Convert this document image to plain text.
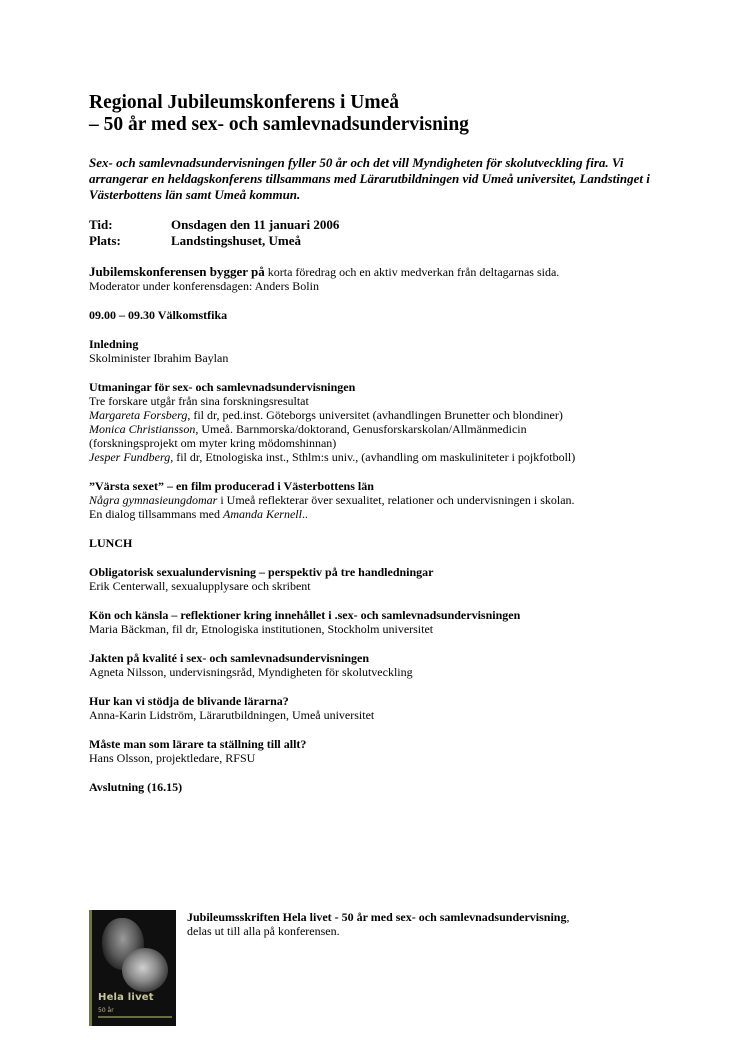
Regional Jubileumskonferens i Umeå
– 50 år med sex- och samlevnadsundervisning
Sex- och samlevnadsundervisningen fyller 50 år och det vill Myndigheten för skolutveckling fira. Vi arrangerar en heldagskonferens tillsammans med Lärarutbildningen vid Umeå universitet, Landstinget i Västerbottens län samt Umeå kommun.
Tid:	Onsdagen den 11 januari 2006
Plats:	Landstingshuset, Umeå
Jubilemskonferensen bygger på korta föredrag och en aktiv medverkan från deltagarnas sida.
Moderator under konferensdagen: Anders Bolin
09.00 – 09.30 Välkomstfika
Inledning
Skolminister Ibrahim Baylan
Utmaningar för sex- och samlevnadsundervisningen
Tre forskare utgår från sina forskningsresultat
Margareta Forsberg, fil dr, ped.inst. Göteborgs universitet (avhandlingen Brunetter och blondiner)
Monica Christiansson, Umeå. Barnmorska/doktorand, Genusforskarskolan/Allmänmedicin
(forskningsprojekt om myter kring mödomshinnan)
Jesper Fundberg, fil dr, Etnologiska inst., Sthlm:s univ., (avhandling om maskuliniteter i pojkfotboll)
”Värsta sexet” – en film producerad i Västerbottens län
Några gymnasieungdomar i Umeå reflekterar över sexualitet, relationer och undervisningen i skolan.
En dialog tillsammans med Amanda Kernell..
LUNCH
Obligatorisk sexualundervisning – perspektiv på tre handledningar
Erik Centerwall, sexualupplysare och skribent
Kön och känsla – reflektioner kring innehållet i .sex- och samlevnadsundervisningen
Maria Bäckman, fil dr, Etnologiska institutionen, Stockholm universitet
Jakten på kvalité i sex- och samlevnadsundervisningen
Agneta Nilsson, undervisningsråd, Myndigheten för skolutveckling
Hur kan vi stödja de blivande lärarna?
Anna-Karin Lidström, Lärarutbildningen, Umeå universitet
Måste man som lärare ta ställning till allt?
Hans Olsson, projektledare, RFSU
Avslutning (16.15)
Hela livet
50 år
Jubileumsskriften Hela livet - 50 år med sex- och samlevnadsundervisning,
delas ut till alla på konferensen.
